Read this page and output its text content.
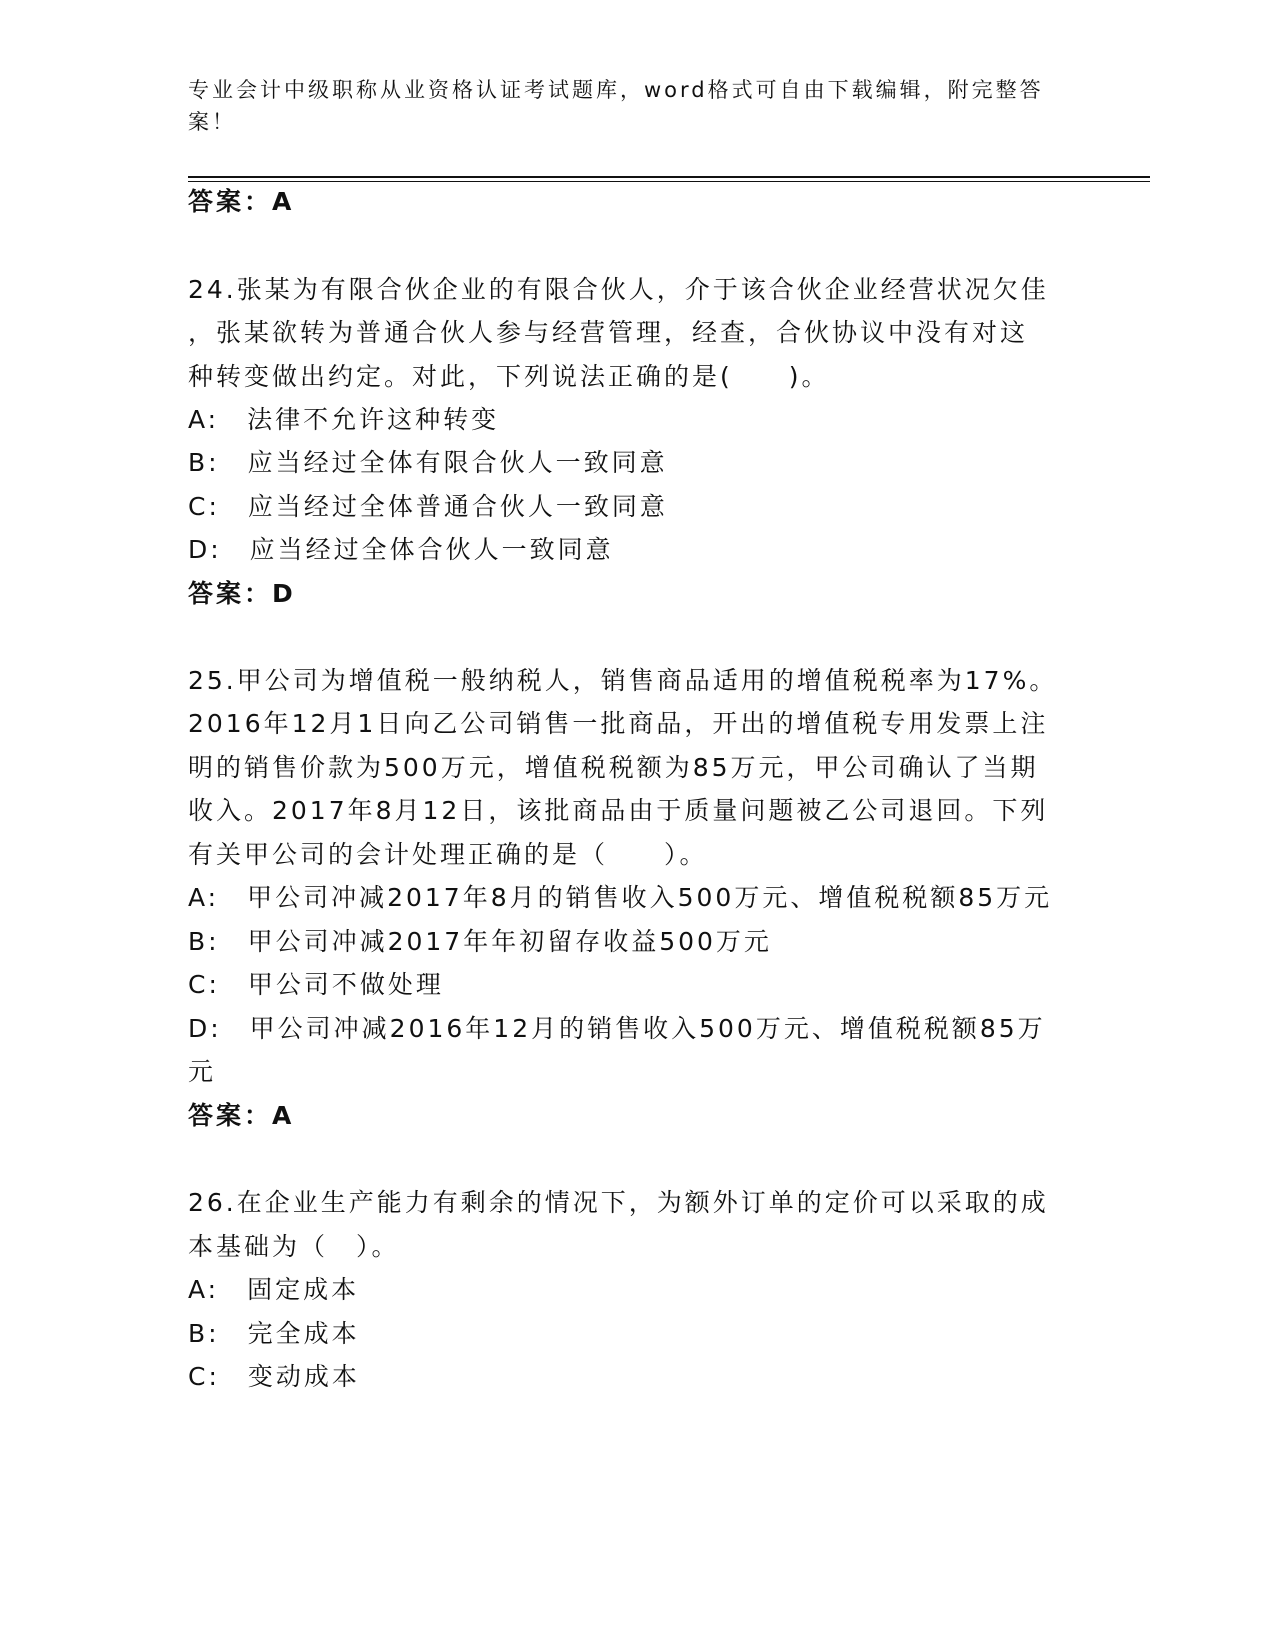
专业会计中级职称从业资格认证考试题库，word格式可自由下载编辑，附完整答
案！
答案：A
24.张某为有限合伙企业的有限合伙人，介于该合伙企业经营状况欠佳
，张某欲转为普通合伙人参与经营管理，经查，合伙协议中没有对这
种转变做出约定。对此，下列说法正确的是(　　)。
A:　法律不允许这种转变
B:　应当经过全体有限合伙人一致同意
C:　应当经过全体普通合伙人一致同意
D:　应当经过全体合伙人一致同意
答案：D
25.甲公司为增值税一般纳税人，销售商品适用的增值税税率为17%。
2016年12月1日向乙公司销售一批商品，开出的增值税专用发票上注
明的销售价款为500万元，增值税税额为85万元，甲公司确认了当期
收入。2017年8月12日，该批商品由于质量问题被乙公司退回。下列
有关甲公司的会计处理正确的是（　　）。
A:　甲公司冲减2017年8月的销售收入500万元、增值税税额85万元
B:　甲公司冲减2017年年初留存收益500万元
C:　甲公司不做处理
D:　甲公司冲减2016年12月的销售收入500万元、增值税税额85万
元
答案：A
26.在企业生产能力有剩余的情况下，为额外订单的定价可以采取的成
本基础为（　）。
A:　固定成本
B:　完全成本
C:　变动成本
